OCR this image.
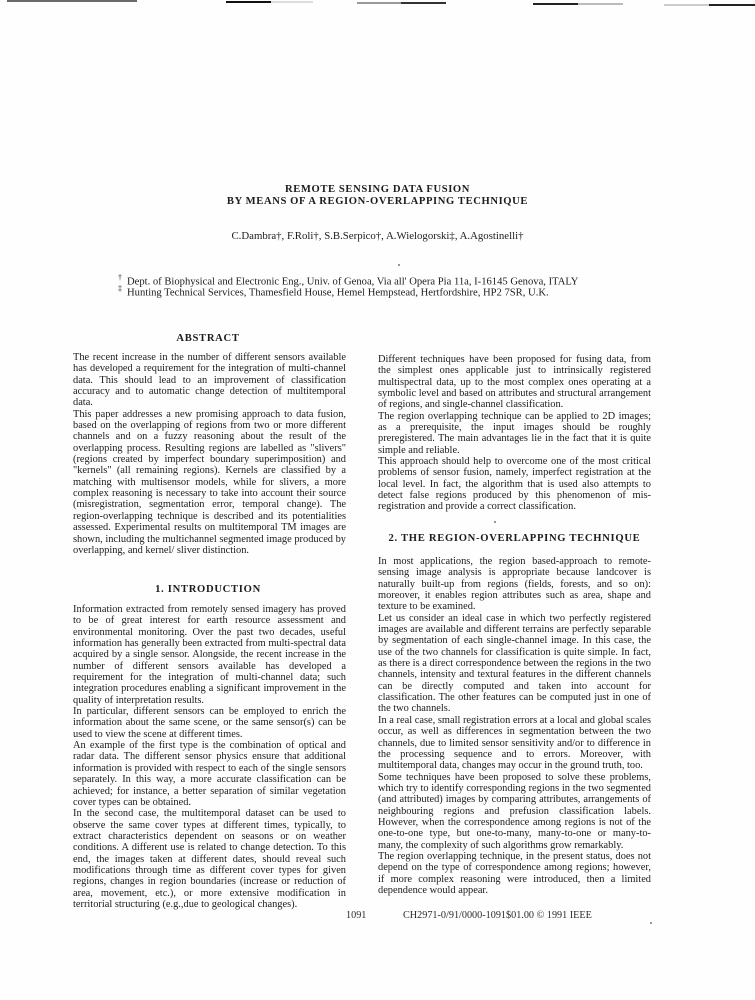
REMOTE SENSING DATA FUSION
BY MEANS OF A REGION-OVERLAPPING TECHNIQUE
C.Dambra†, F.Roli†, S.B.Serpico†, A.Wielogorski‡, A.Agostinelli†
† Dept. of Biophysical and Electronic Eng., Univ. of Genoa, Via all' Opera Pia 11a, I-16145 Genova, ITALY
‡ Hunting Technical Services, Thamesfield House, Hemel Hempstead, Hertfordshire, HP2 7SR, U.K.
ABSTRACT

The recent increase in the number of different sensors available has developed a requirement for the integration of multi-channel data. This should lead to an improvement of classification accuracy and to automatic change detection of multitemporal data.

This paper addresses a new promising approach to data fusion, based on the overlapping of regions from two or more different channels and on a fuzzy reasoning about the result of the overlapping process. Resulting regions are labelled as "slivers" (regions created by imperfect boundary superimposition) and "kernels" (all remaining regions). Kernels are classified by a matching with multisensor models, while for slivers, a more complex reasoning is necessary to take into account their source (misregistration, segmentation error, temporal change). The region-overlapping technique is described and its potentialities assessed. Experimental results on multitemporal TM images are shown, including the multichannel segmented image produced by overlapping, and kernel/ sliver distinction.

1. INTRODUCTION

Information extracted from remotely sensed imagery has proved to be of great interest for earth resource assessment and environmental monitoring. Over the past two decades, useful information has generally been extracted from multi-spectral data acquired by a single sensor. Alongside, the recent increase in the number of different sensors available has developed a requirement for the integration of multi-channel data; such integration procedures enabling a significant improvement in the quality of interpretation results.

In particular, different sensors can be employed to enrich the information about the same scene, or the same sensor(s) can be used to view the scene at different times.

An example of the first type is the combination of optical and radar data. The different sensor physics ensure that additional information is provided with respect to each of the single sensors separately. In this way, a more accurate classification can be achieved; for instance, a better separation of similar vegetation cover types can be obtained.

In the second case, the multitemporal dataset can be used to observe the same cover types at different times, typically, to extract characteristics dependent on seasons or on weather conditions. A different use is related to change detection. To this end, the images taken at different dates, should reveal such modifications through time as different cover types for given regions, changes in region boundaries (increase or reduction of area, movement, etc.), or more extensive modification in territorial structuring (e.g.,due to geological changes).

Different techniques have been proposed for fusing data, from the simplest ones applicable just to intrinsically registered multispectral data, up to the most complex ones operating at a symbolic level and based on attributes and structural arrangement of regions, and single-channel classification.

The region overlapping technique can be applied to 2D images; as a prerequisite, the input images should be roughly preregistered. The main advantages lie in the fact that it is quite simple and reliable.

This approach should help to overcome one of the most critical problems of sensor fusion, namely, imperfect registration at the local level. In fact, the algorithm that is used also attempts to detect false regions produced by this phenomenon of mis-registration and provide a correct classification.

2. THE REGION-OVERLAPPING TECHNIQUE

In most applications, the region based-approach to remote-sensing image analysis is appropriate because landcover is naturally built-up from regions (fields, forests, and so on): moreover, it enables region attributes such as area, shape and texture to be examined.

Let us consider an ideal case in which two perfectly registered images are available and different terrains are perfectly separable by segmentation of each single-channel image. In this case, the use of the two channels for classification is quite simple. In fact, as there is a direct correspondence between the regions in the two channels, intensity and textural features in the different channels can be directly computed and taken into account for classification. The other features can be computed just in one of the two channels.

In a real case, small registration errors at a local and global scales occur, as well as differences in segmentation between the two channels, due to limited sensor sensitivity and/or to difference in the processing sequence and to errors. Moreover, with multitemporal data, changes may occur in the ground truth, too.

Some techniques have been proposed to solve these problems, which try to identify corresponding regions in the two segmented (and attributed) images by comparing attributes, arrangements of neighbouring regions and prefusion classification labels. However, when the correspondence among regions is not of the one-to-one type, but one-to-many, many-to-one or many-to-many, the complexity of such algorithms grow remarkably.

The region overlapping technique, in the present status, does not depend on the type of correspondence among regions; however, if more complex reasoning were introduced, then a limited dependence would appear.

1091	CH2971-0/91/0000-1091$01.00 © 1991 IEEE
